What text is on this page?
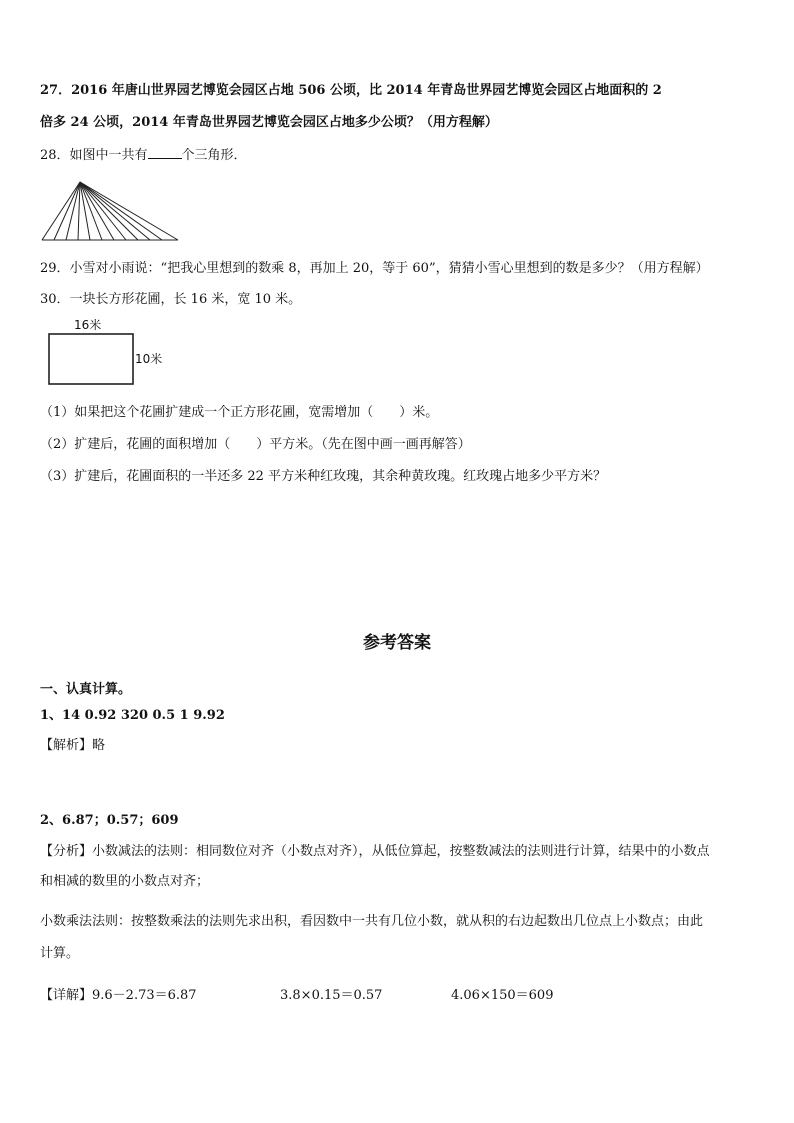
27．2016 年唐山世界园艺博览会园区占地 506 公顷，比 2014 年青岛世界园艺博览会园区占地面积的 2
倍多 24 公顷，2014 年青岛世界园艺博览会园区占地多少公顷？（用方程解）
28．如图中一共有	个三角形．
29．小雪对小雨说：“把我心里想到的数乘 8，再加上 20，等于 60”，猜猜小雪心里想到的数是多少？（用方程解）
30．一块长方形花圃，长 16 米，宽 10 米。
16米
10米
（1）如果把这个花圃扩建成一个正方形花圃，宽需增加（　　）米。
（2）扩建后，花圃的面积增加（　　）平方米。（先在图中画一画再解答）
（3）扩建后，花圃面积的一半还多 22 平方米种红玫瑰，其余种黄玫瑰。红玫瑰占地多少平方米？
参考答案
一、认真计算。
1、14 0.92 320 0.5 1 9.92
【解析】略
2、6.87；0.57；609
【分析】小数减法的法则：相同数位对齐（小数点对齐），从低位算起，按整数减法的法则进行计算，结果中的小数点
和相减的数里的小数点对齐；
小数乘法法则：按整数乘法的法则先求出积，看因数中一共有几位小数，就从积的右边起数出几位点上小数点；由此
计算。
【详解】9.6－2.73＝6.87	3.8×0.15＝0.57	4.06×150＝609
